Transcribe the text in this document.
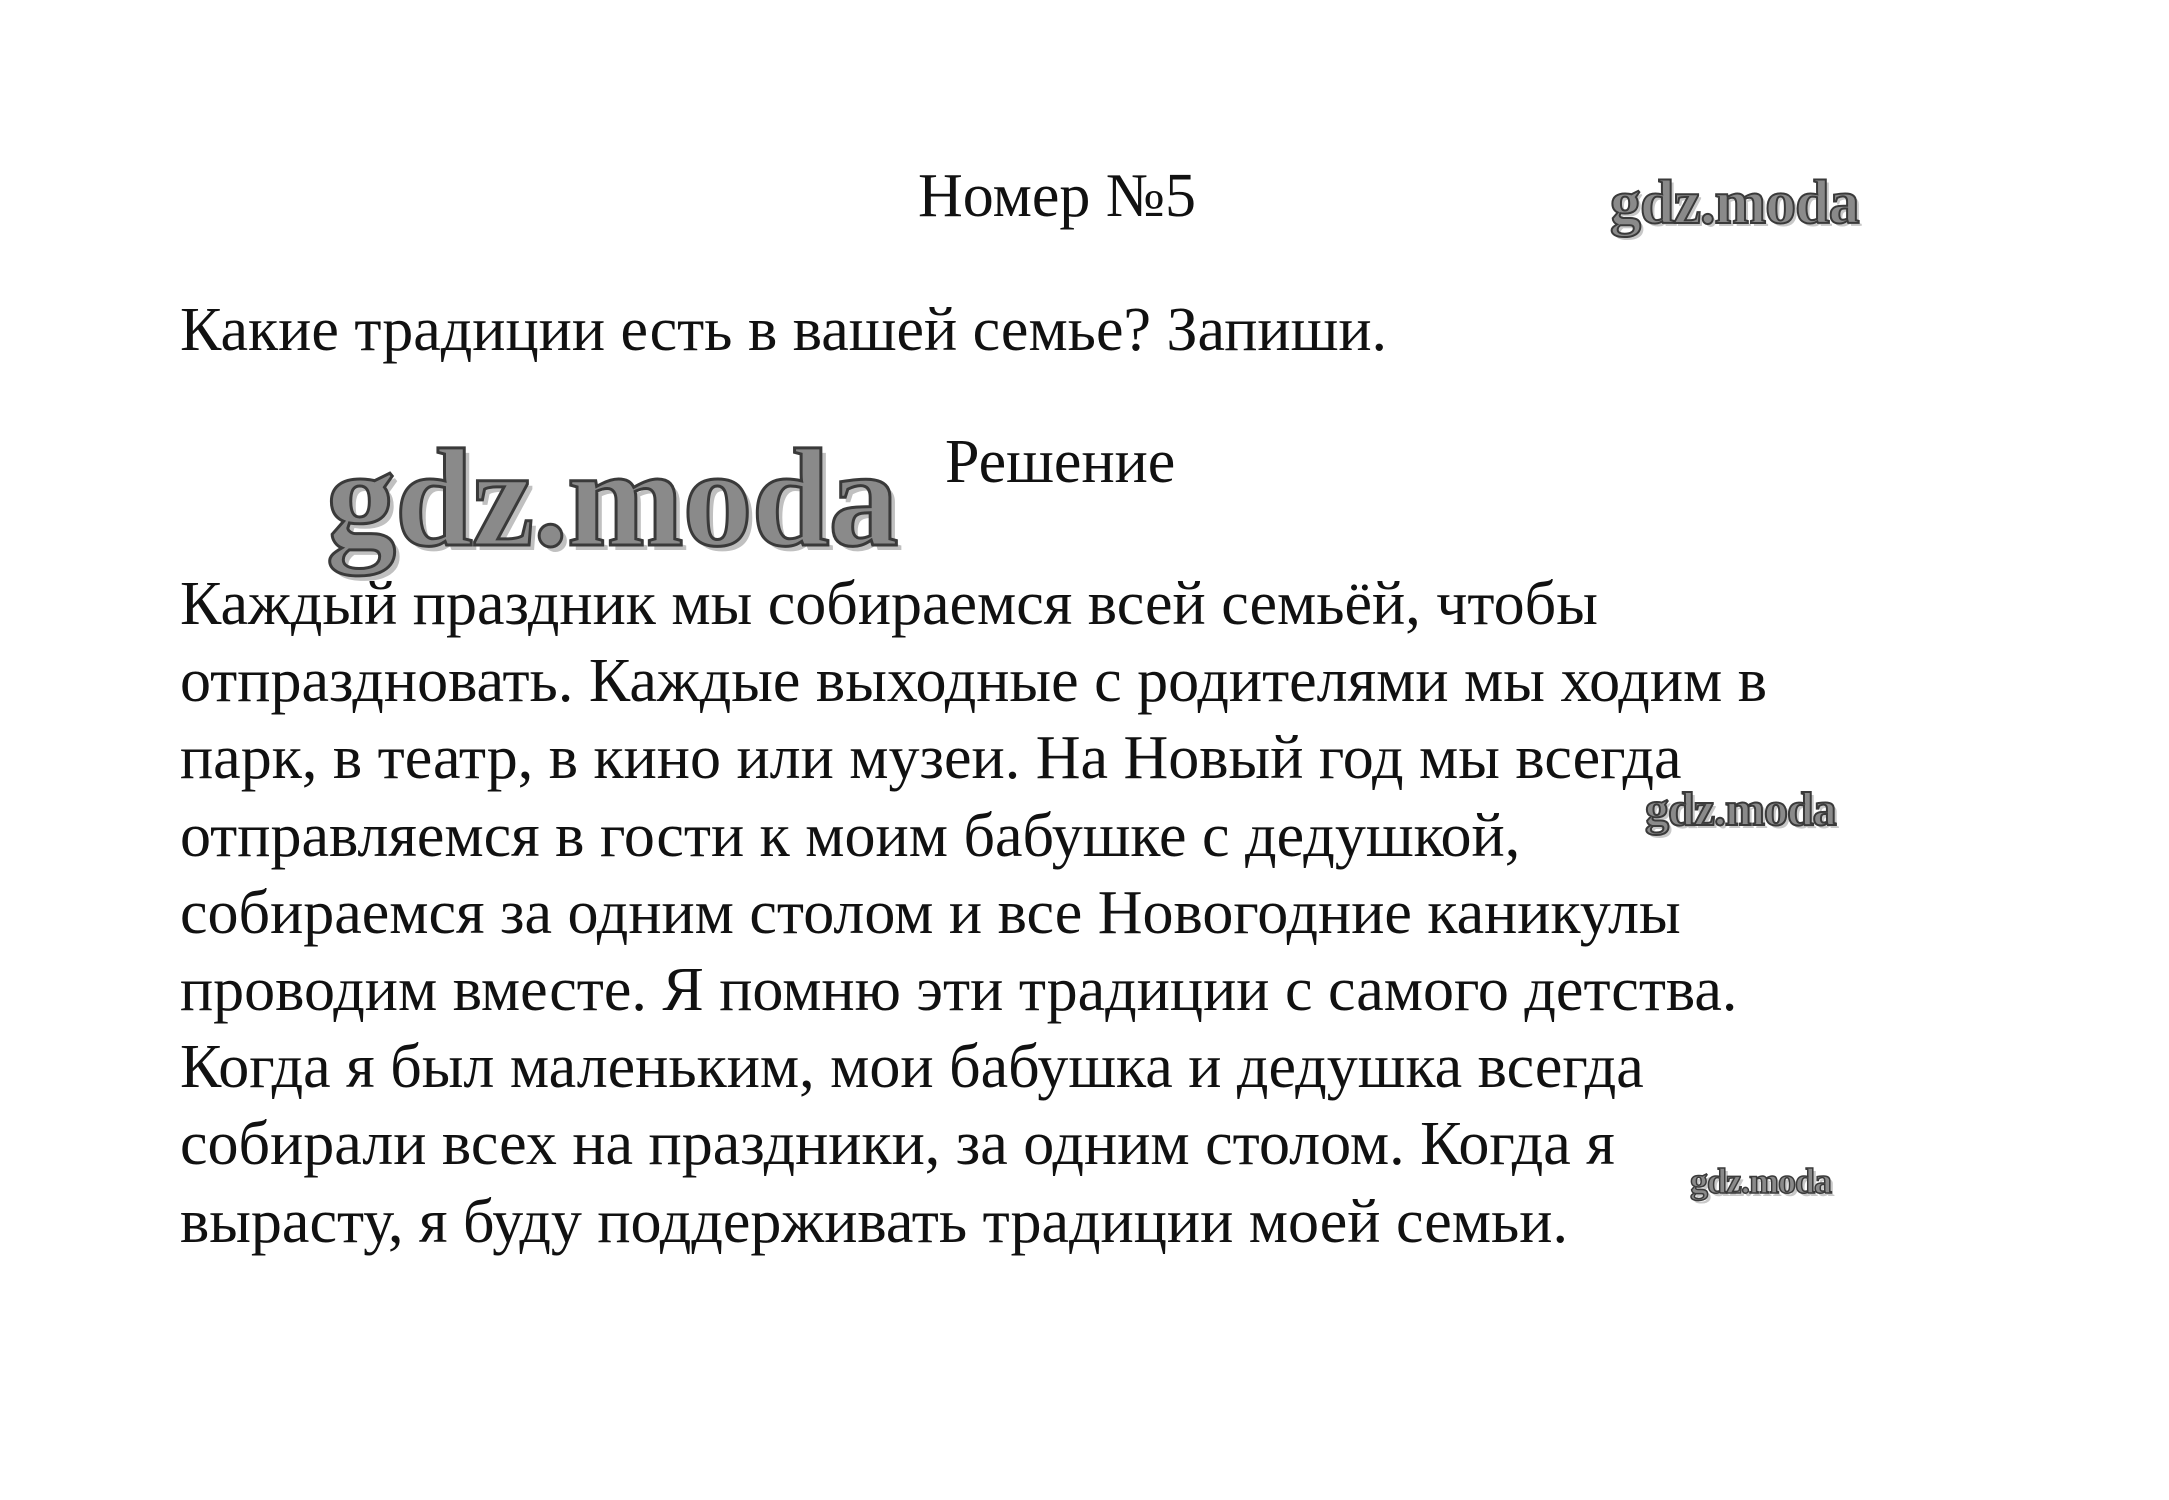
Номер №5
Какие традиции есть в вашей семье? Запиши.
Решение
Каждый праздник мы собираемся всей семьёй, чтобы
отпраздновать. Каждые выходные с родителями мы ходим в
парк, в театр, в кино или музеи. На Новый год мы всегда
отправляемся в гости к моим бабушке с дедушкой,
собираемся за одним столом и все Новогодние каникулы
проводим вместе. Я помню эти традиции с самого детства.
Когда я был маленьким, мои бабушка и дедушка всегда
собирали всех на праздники, за одним столом. Когда я
вырасту, я буду поддерживать традиции моей семьи.
gdz.moda
gdz.moda
gdz.moda
gdz.moda
